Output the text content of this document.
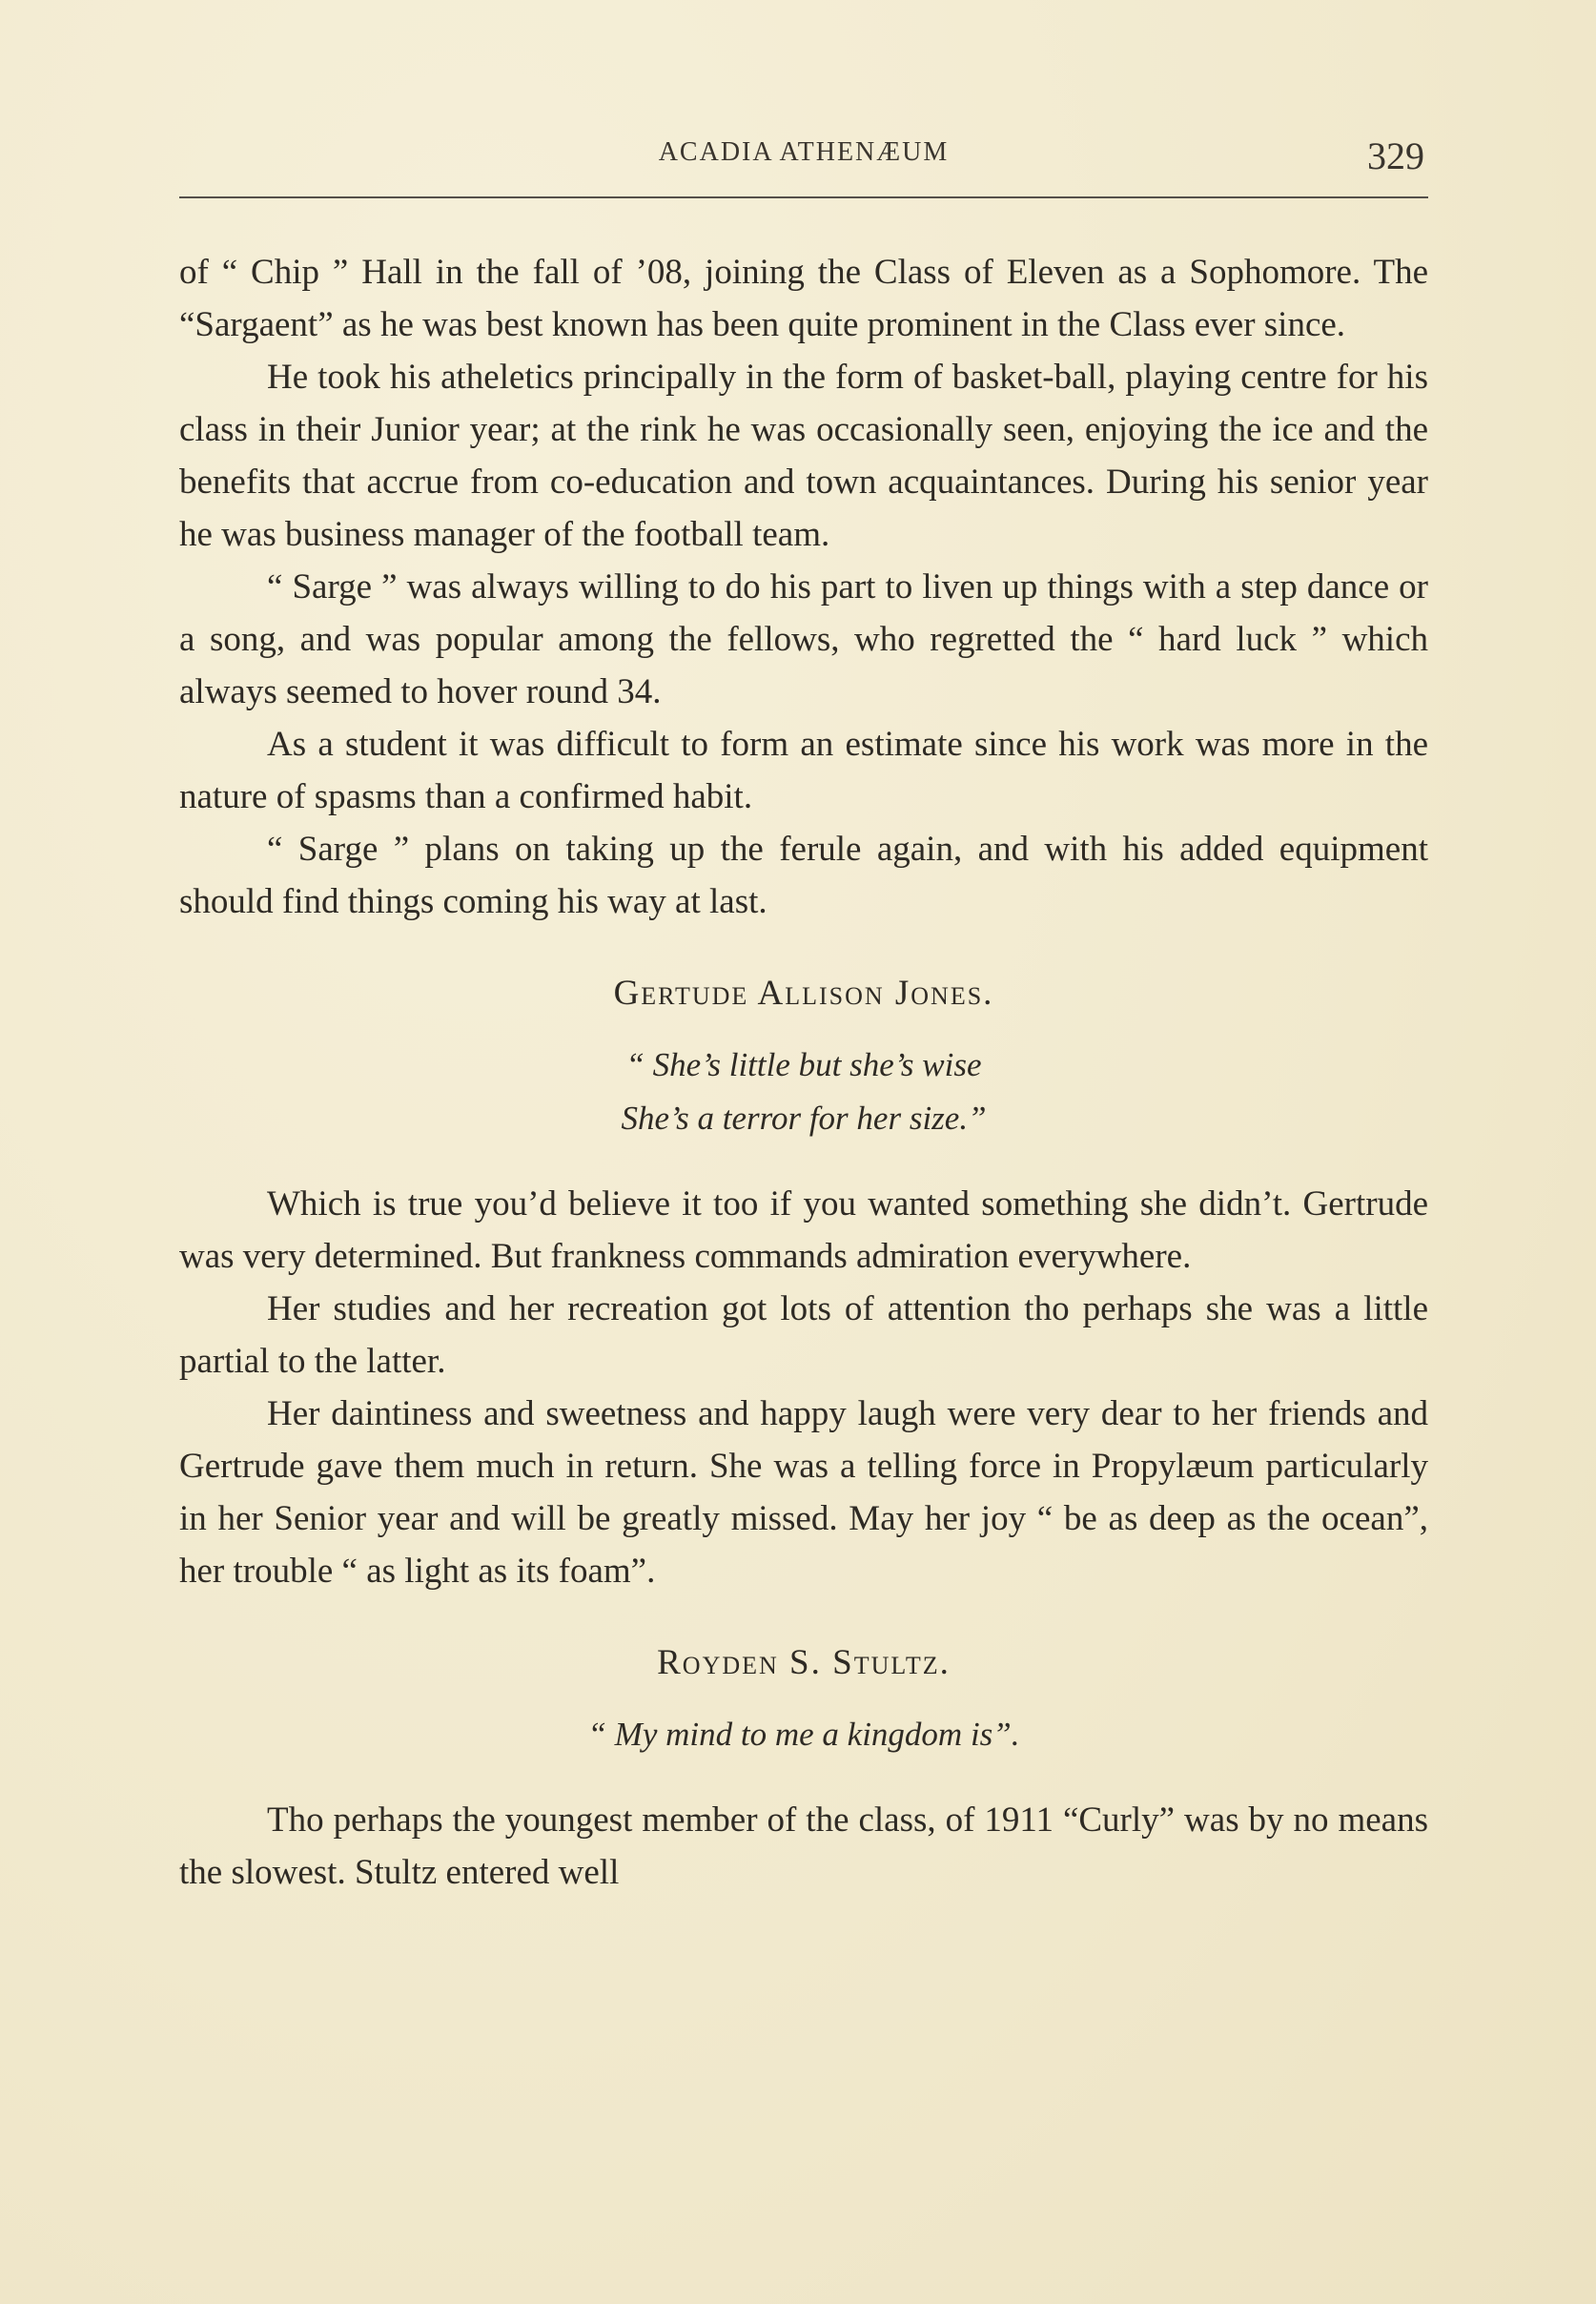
ACADIA ATHENÆUM	329

of “ Chip ” Hall in the fall of ’08, joining the Class of Eleven as a Sophomore. The “Sargaent” as he was best known has been quite prominent in the Class ever since.

He took his atheletics principally in the form of basket-ball, playing centre for his class in their Junior year; at the rink he was occasionally seen, enjoying the ice and the benefits that accrue from co-education and town acquaintances. During his senior year he was business manager of the football team.

“ Sarge ” was always willing to do his part to liven up things with a step dance or a song, and was popular among the fellows, who regretted the “ hard luck ” which always seemed to hover round 34.

As a student it was difficult to form an estimate since his work was more in the nature of spasms than a confirmed habit.

“ Sarge ” plans on taking up the ferule again, and with his added equipment should find things coming his way at last.

Gertude Allison Jones.
“ She’s little but she’s wise
She’s a terror for her size.”

Which is true you’d believe it too if you wanted something she didn’t. Gertrude was very determined. But frankness commands admiration everywhere.

Her studies and her recreation got lots of attention tho perhaps she was a little partial to the latter.

Her daintiness and sweetness and happy laugh were very dear to her friends and Gertrude gave them much in return. She was a telling force in Propylæum particularly in her Senior year and will be greatly missed. May her joy “ be as deep as the ocean”, her trouble “ as light as its foam”.

Royden S. Stultz.
“ My mind to me a kingdom is”.

Tho perhaps the youngest member of the class, of 1911 “Curly” was by no means the slowest. Stultz entered well
